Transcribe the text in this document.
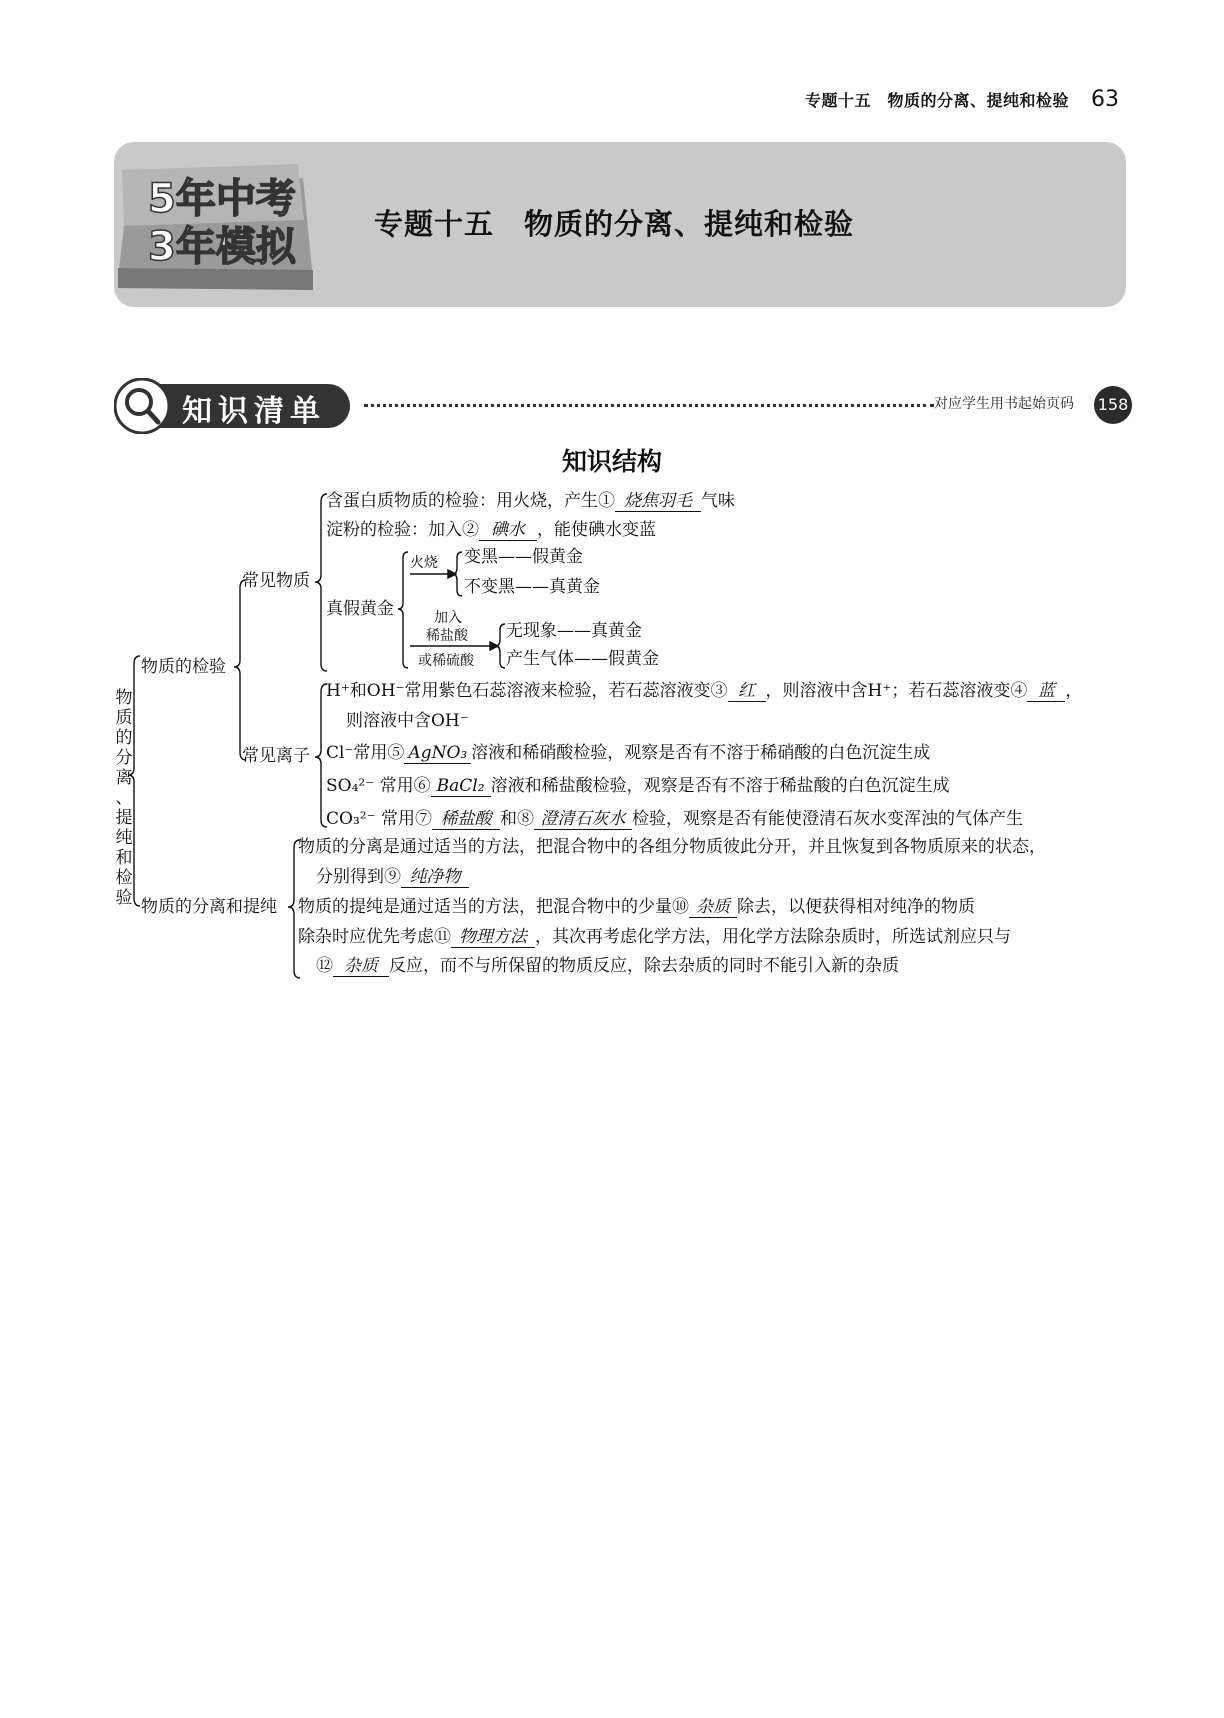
专题十五　物质的分离、提纯和检验 63
5年中考
3年模拟	专题十五　物质的分离、提纯和检验
知识清单	对应学生用书起始页码 158
知识结构
物
质
的
分
离
、
提
纯
和
检
验
物质的检验
常见物质
含蛋白质物质的检验：用火烧，产生① 烧焦羽毛 气味
淀粉的检验：加入② 碘水 ，能使碘水变蓝
真假黄金
火烧 变黑——假黄金
不变黑——真黄金
加入
稀盐酸
或稀硫酸
无现象——真黄金
产生气体——假黄金
常见离子
H⁺和OH⁻常用紫色石蕊溶液来检验，若石蕊溶液变③ 红 ，则溶液中含H⁺；若石蕊溶液变④ 蓝 ，
则溶液中含OH⁻
Cl⁻常用⑤ AgNO₃ 溶液和稀硝酸检验，观察是否有不溶于稀硝酸的白色沉淀生成
SO₄²⁻ 常用⑥ BaCl₂ 溶液和稀盐酸检验，观察是否有不溶于稀盐酸的白色沉淀生成
CO₃²⁻ 常用⑦ 稀盐酸 和⑧ 澄清石灰水 检验，观察是否有能使澄清石灰水变浑浊的气体产生
物质的分离和提纯
物质的分离是通过适当的方法，把混合物中的各组分物质彼此分开，并且恢复到各物质原来的状态，
分别得到⑨ 纯净物
物质的提纯是通过适当的方法，把混合物中的少量⑩ 杂质 除去，以便获得相对纯净的物质
除杂时应优先考虑⑪ 物理方法 ，其次再考虑化学方法，用化学方法除杂质时，所选试剂应只与
⑫ 杂质 反应，而不与所保留的物质反应，除去杂质的同时不能引入新的杂质
